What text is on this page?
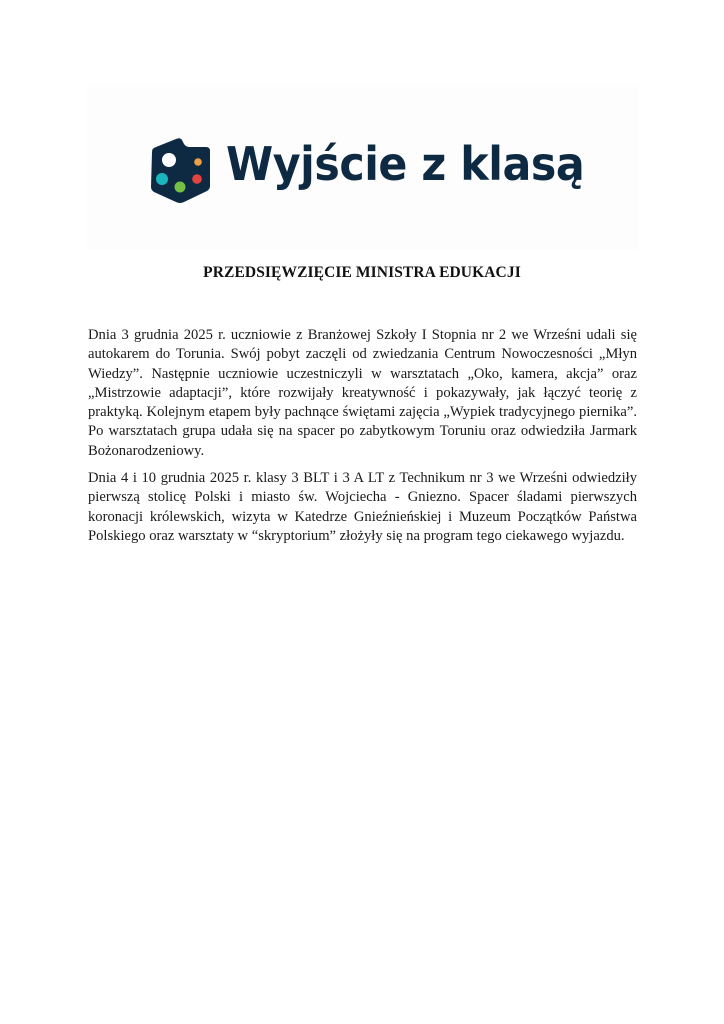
Wyjście z klasą
PRZEDSIĘWZIĘCIE MINISTRA EDUKACJI

Dnia 3 grudnia 2025 r. uczniowie z Branżowej Szkoły I Stopnia nr 2 we Wrześni udali się autokarem do Torunia. Swój pobyt zaczęli od zwiedzania Centrum Nowoczesności „Młyn Wiedzy”. Następnie uczniowie uczestniczyli w warsztatach „Oko, kamera, akcja” oraz „Mistrzowie adaptacji”, które rozwijały kreatywność i pokazywały, jak łączyć teorię z praktyką. Kolejnym etapem były pachnące świętami zajęcia „Wypiek tradycyjnego piernika”. Po warsztatach grupa udała się na spacer po zabytkowym Toruniu oraz odwiedziła Jarmark Bożonarodzeniowy.

Dnia 4 i 10 grudnia 2025 r. klasy 3 BLT i 3 A LT z Technikum nr 3 we Wrześni odwiedziły pierwszą stolicę Polski i miasto św. Wojciecha - Gniezno. Spacer śladami pierwszych koronacji królewskich, wizyta w Katedrze Gnieźnieńskiej i Muzeum Początków Państwa Polskiego oraz warsztaty w “skryptorium” złożyły się na program tego ciekawego wyjazdu.
